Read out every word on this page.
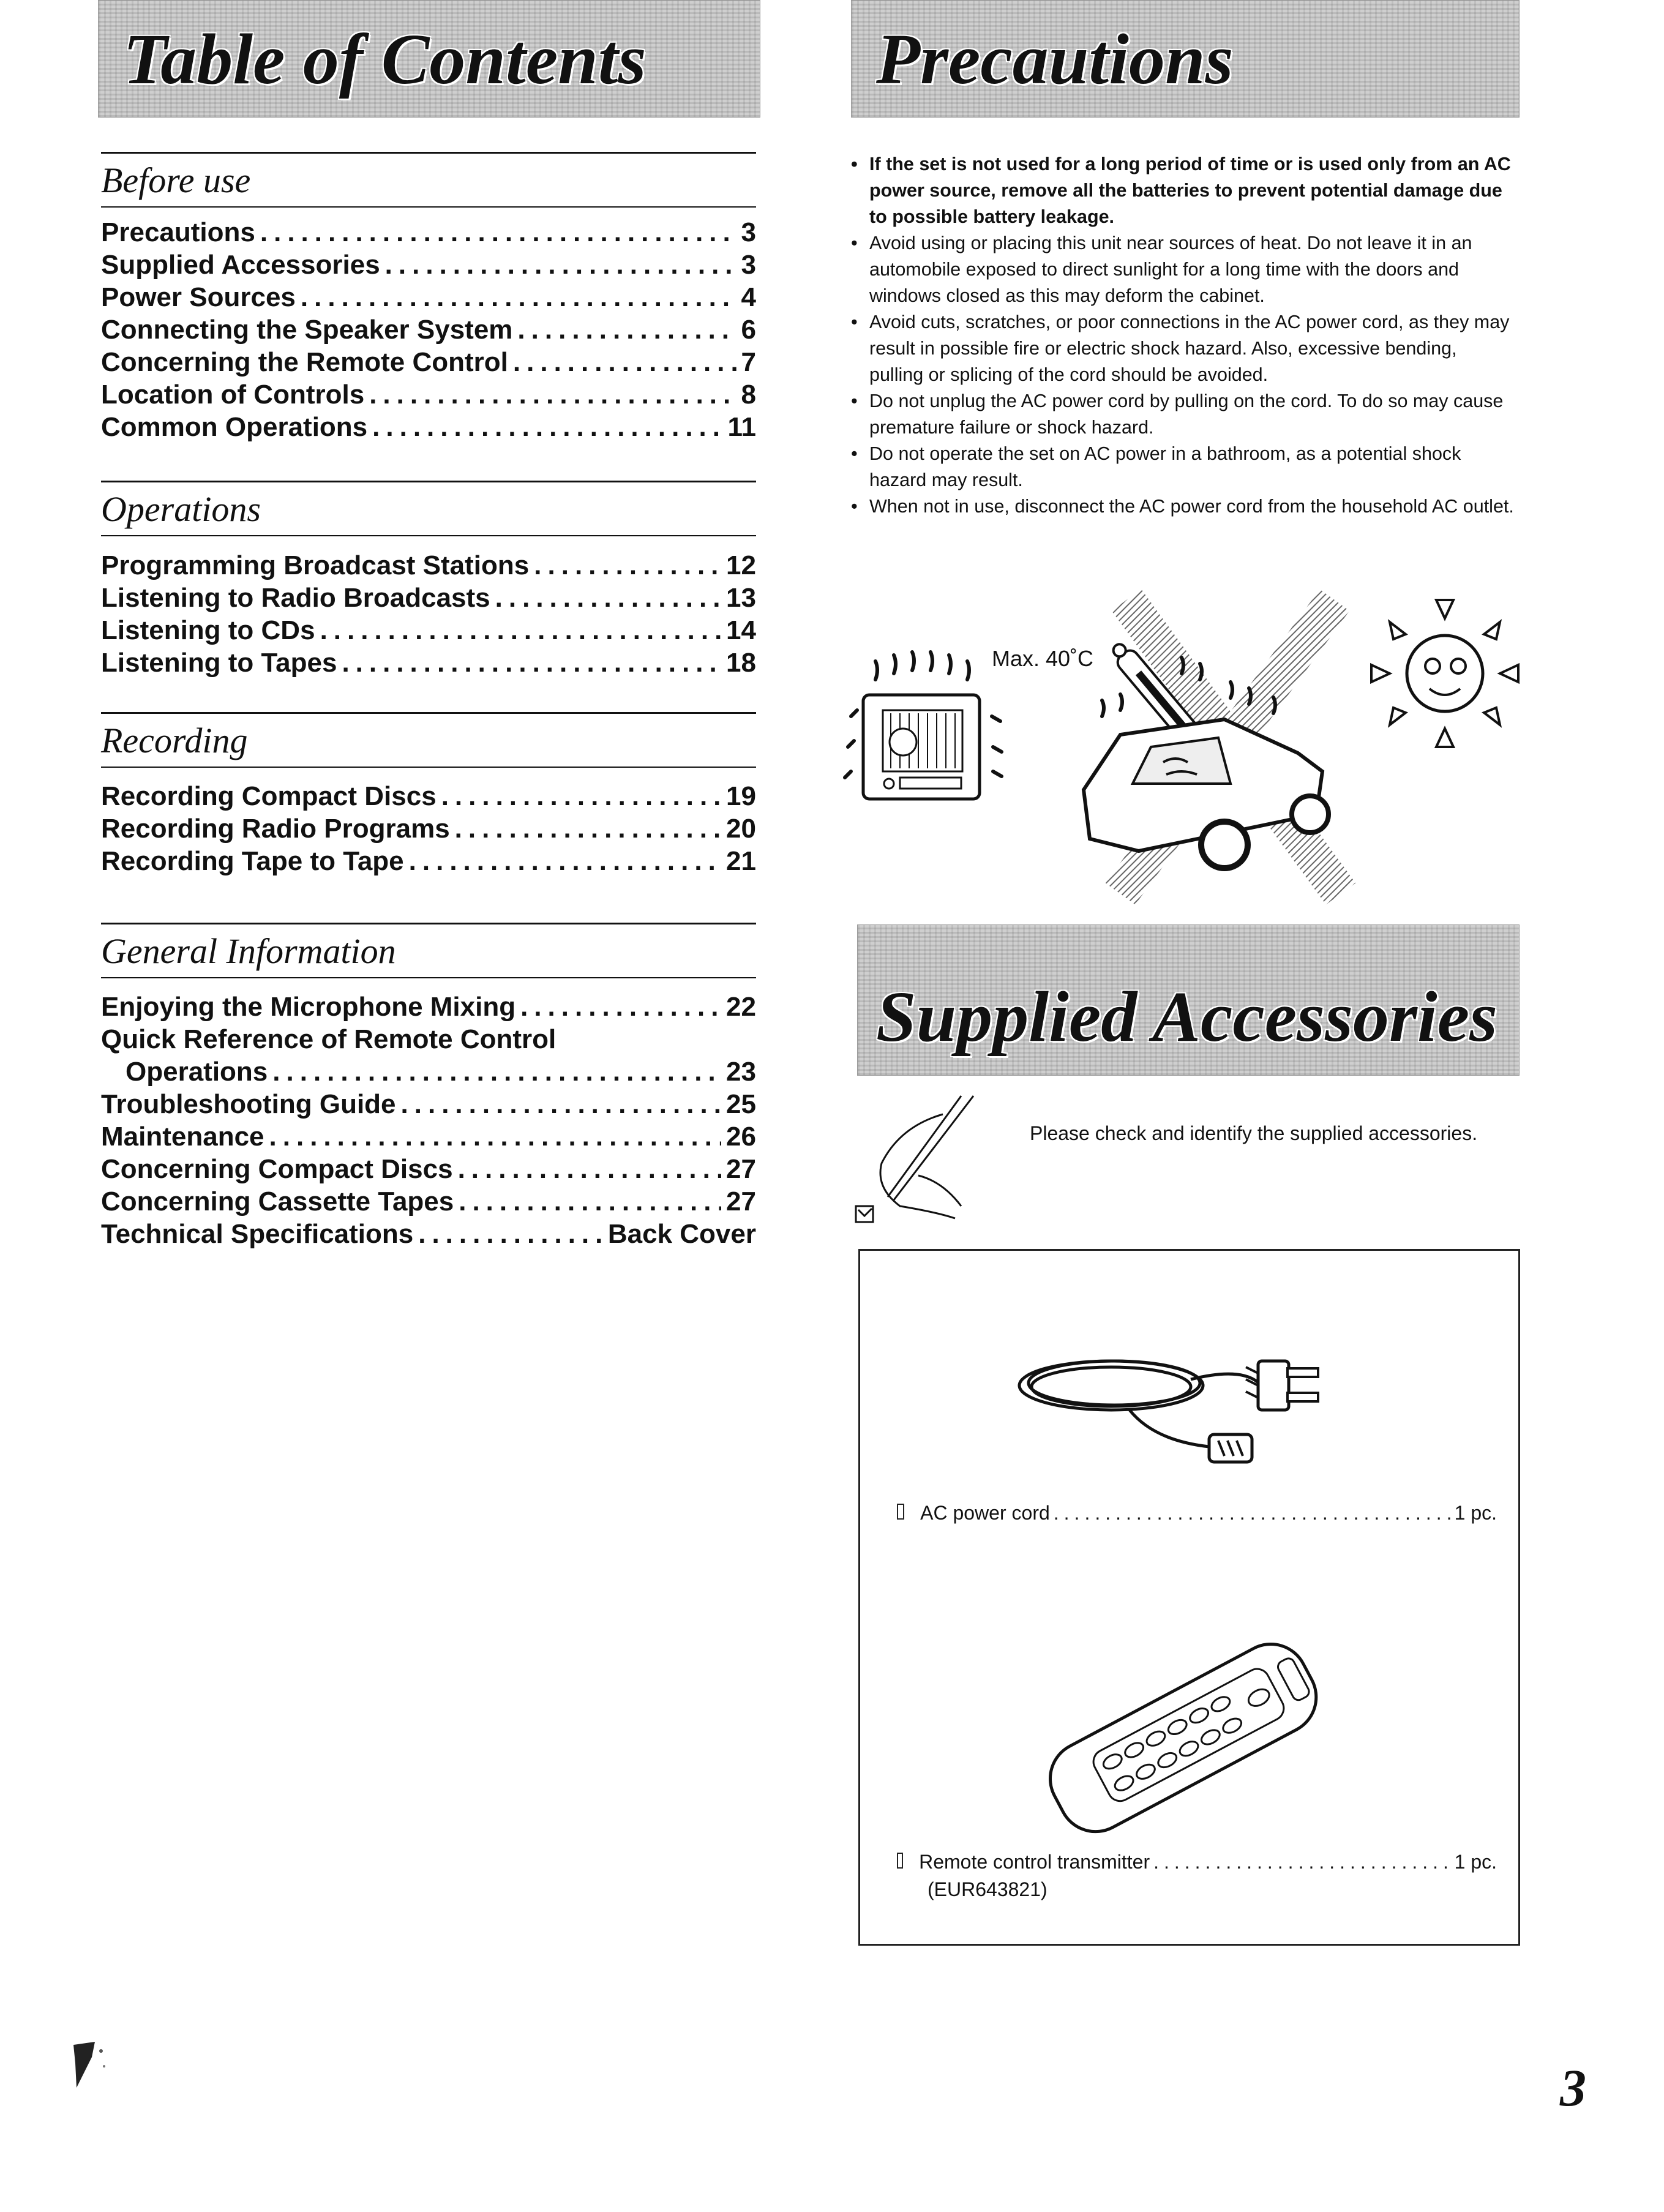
Table of Contents
Before use
Precautions .....	3
Supplied Accessories .....	3
Power Sources .....	4
Connecting the Speaker System .....	6
Concerning the Remote Control .....	7
Location of Controls .....	8
Common Operations .....	11
Operations
Programming Broadcast Stations .....	12
Listening to Radio Broadcasts .....	13
Listening to CDs .....	14
Listening to Tapes .....	18
Recording
Recording Compact Discs .....	19
Recording Radio Programs .....	20
Recording Tape to Tape .....	21
General Information
Enjoying the Microphone Mixing .....	22
Quick Reference of Remote Control
Operations .....	23
Troubleshooting Guide .....	25
Maintenance .....	26
Concerning Compact Discs .....	27
Concerning Cassette Tapes .....	27
Technical Specifications .....	Back Cover
Precautions
• If the set is not used for a long period of time or is used only from an AC power source, remove all the batteries to prevent potential damage due to possible battery leakage.
• Avoid using or placing this unit near sources of heat. Do not leave it in an automobile exposed to direct sunlight for a long time with the doors and windows closed as this may deform the cabinet.
• Avoid cuts, scratches, or poor connections in the AC power cord, as they may result in possible fire or electric shock hazard. Also, excessive bending, pulling or splicing of the cord should be avoided.
• Do not unplug the AC power cord by pulling on the cord. To do so may cause premature failure or shock hazard.
• Do not operate the set on AC power in a bathroom, as a potential shock hazard may result.
• When not in use, disconnect the AC power cord from the household AC outlet.
Max. 40˚C
Supplied Accessories
Please check and identify the supplied accessories.
AC power cord .....	1 pc.
Remote control transmitter .....	1 pc.
(EUR643821)
3
